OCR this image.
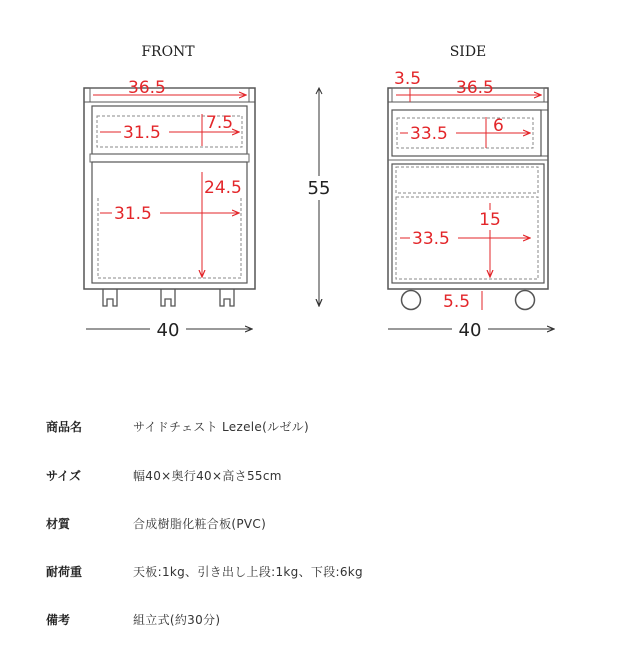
FRONT
36.5
31.5	7.5
31.5
24.5
40
55
SIDE
3.5 36.5
33.5	6
33.5
15
5.5
40
商品名	サイドチェスト Lezele(ルゼル)
サイズ	幅40×奥行40×高さ55cm
材質	合成樹脂化粧合板(PVC)
耐荷重	天板:1kg、引き出し上段:1kg、下段:6kg
備考	組立式(約30分)
